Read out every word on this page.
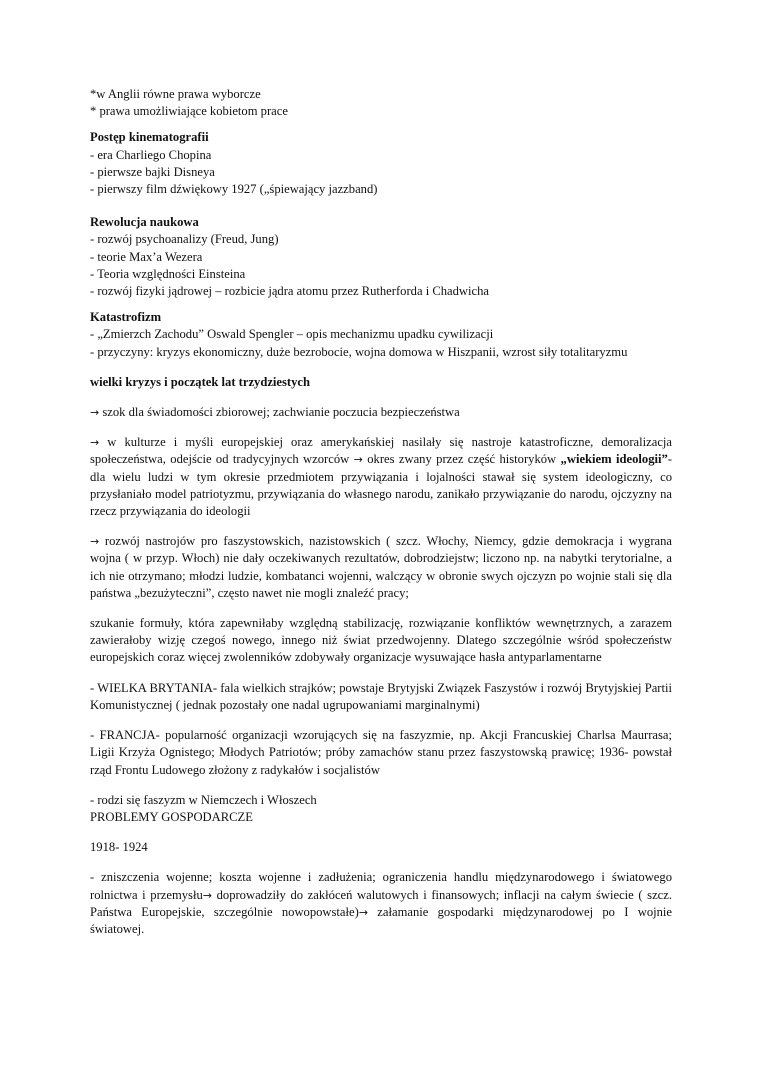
*w Anglii równe prawa wyborcze
* prawa umożliwiające kobietom prace
Postęp kinematografii
- era Charliego Chopina
- pierwsze bajki Disneya
- pierwszy film dźwiękowy 1927 („śpiewający jazzband)
Rewolucja naukowa
- rozwój psychoanalizy (Freud, Jung)
- teorie Max’a Wezera
- Teoria względności Einsteina
- rozwój fizyki jądrowej – rozbicie jądra atomu przez Rutherforda i Chadwicha
Katastrofizm
- „Zmierzch Zachodu” Oswald Spengler – opis mechanizmu upadku cywilizacji
- przyczyny: kryzys ekonomiczny, duże bezrobocie, wojna domowa w Hiszpanii, wzrost siły totalitaryzmu
wielki kryzys i początek lat trzydziestych
→ szok dla świadomości zbiorowej; zachwianie poczucia bezpieczeństwa
→ w kulturze i myśli europejskiej oraz amerykańskiej nasilały się nastroje katastroficzne, demoralizacja społeczeństwa, odejście od tradycyjnych wzorców → okres zwany przez część historyków „wiekiem ideologii”- dla wielu ludzi w tym okresie przedmiotem przywiązania i lojalności stawał się system ideologiczny, co przysłaniało model patriotyzmu, przywiązania do własnego narodu, zanikało przywiązanie do narodu, ojczyzny na rzecz przywiązania do ideologii
→ rozwój nastrojów pro faszystowskich, nazistowskich ( szcz. Włochy, Niemcy, gdzie demokracja i wygrana wojna ( w przyp. Włoch) nie dały oczekiwanych rezultatów, dobrodziejstw; liczono np. na nabytki terytorialne, a ich nie otrzymano; młodzi ludzie, kombatanci wojenni, walczący w obronie swych ojczyzn po wojnie stali się dla państwa „bezużyteczni”, często nawet nie mogli znaleźć pracy;
szukanie formuły, która zapewniłaby względną stabilizację, rozwiązanie konfliktów wewnętrznych, a zarazem zawierałoby wizję czegoś nowego, innego niż świat przedwojenny. Dlatego szczególnie wśród społeczeństw europejskich coraz więcej zwolenników zdobywały organizacje wysuwające hasła antyparlamentarne
- WIELKA BRYTANIA- fala wielkich strajków; powstaje Brytyjski Związek Faszystów i rozwój Brytyjskiej Partii Komunistycznej ( jednak pozostały one nadal ugrupowaniami marginalnymi)
- FRANCJA- popularność organizacji wzorujących się na faszyzmie, np. Akcji Francuskiej Charlsa Maurrasa; Ligii Krzyża Ognistego; Młodych Patriotów; próby zamachów stanu przez faszystowską prawicę; 1936- powstał rząd Frontu Ludowego złożony z radykałów i socjalistów
- rodzi się faszyzm w Niemczech i Włoszech
PROBLEMY GOSPODARCZE
1918- 1924
- zniszczenia wojenne; koszta wojenne i zadłużenia; ograniczenia handlu międzynarodowego i światowego rolnictwa i przemysłu→ doprowadziły do zakłóceń walutowych i finansowych; inflacji na całym świecie ( szcz. Państwa Europejskie, szczególnie nowopowstałe)→ załamanie gospodarki międzynarodowej po I wojnie światowej.
